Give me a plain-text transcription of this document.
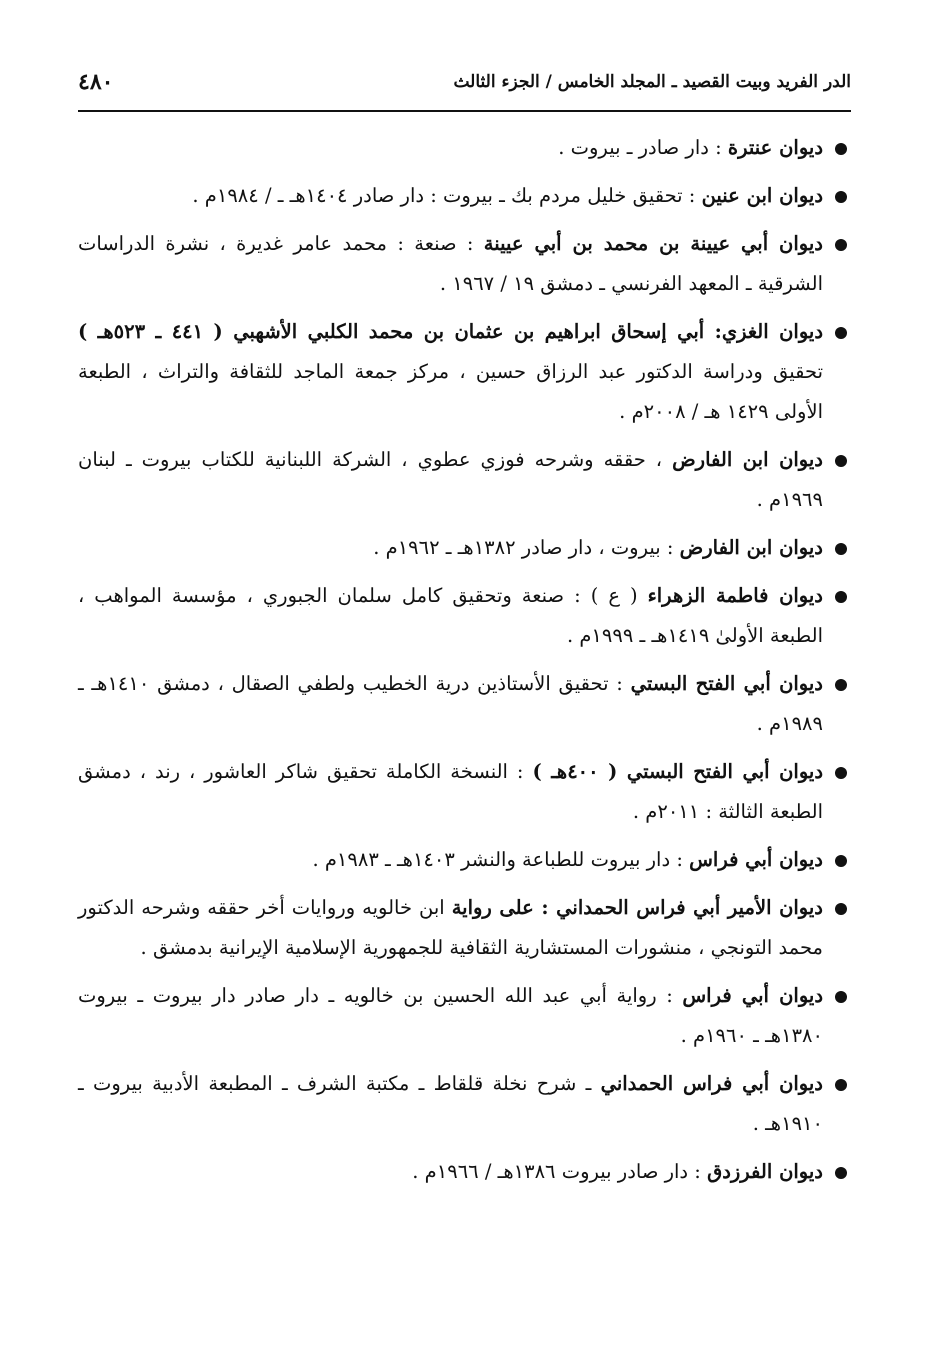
الدر الفريد وبيت القصيد ـ المجلد الخامس / الجزء الثالث
٤٨٠
ديوان عنترة : دار صادر ـ بيروت .
ديوان ابن عنين : تحقيق خليل مردم بك ـ بيروت : دار صادر ١٤٠٤هـ ـ / ١٩٨٤م .
ديوان أبي عيينة بن محمد بن أبي عيينة : صنعة : محمد عامر غديرة ، نشرة الدراسات الشرقية ـ المعهد الفرنسي ـ دمشق ١٩ / ١٩٦٧ .
ديوان الغزي: أبي إسحاق ابراهيم بن عثمان بن محمد الكلبي الأشهبي ( ٤٤١ ـ ٥٢٣هـ ) تحقيق ودراسة الدكتور عبد الرزاق حسين ، مركز جمعة الماجد للثقافة والتراث ، الطبعة الأولى ١٤٢٩ هـ / ٢٠٠٨م .
ديوان ابن الفارض ، حققه وشرحه فوزي عطوي ، الشركة اللبنانية للكتاب بيروت ـ لبنان ١٩٦٩م .
ديوان ابن الفارض : بيروت ، دار صادر ١٣٨٢هـ ـ ١٩٦٢م .
ديوان فاطمة الزهراء ( ع ) : صنعة وتحقيق كامل سلمان الجبوري ، مؤسسة المواهب ، الطبعة الأولىٰ ١٤١٩هـ ـ ١٩٩٩م .
ديوان أبي الفتح البستي : تحقيق الأستاذين درية الخطيب ولطفي الصقال ، دمشق ١٤١٠هـ ـ ١٩٨٩م .
ديوان أبي الفتح البستي ( ٤٠٠هـ ) : النسخة الكاملة تحقيق شاكر العاشور ، رند ، دمشق الطبعة الثالثة : ٢٠١١م .
ديوان أبي فراس : دار بيروت للطباعة والنشر ١٤٠٣هـ ـ ١٩٨٣م .
ديوان الأمير أبي فراس الحمداني : على رواية ابن خالويه وروايات أخر حققه وشرحه الدكتور محمد التونجي ، منشورات المستشارية الثقافية للجمهورية الإسلامية الإيرانية بدمشق .
ديوان أبي فراس : رواية أبي عبد الله الحسين بن خالويه ـ دار صادر دار بيروت ـ بيروت ١٣٨٠هـ ـ ١٩٦٠م .
ديوان أبي فراس الحمداني ـ شرح نخلة قلقاط ـ مكتبة الشرف ـ المطبعة الأدبية بيروت ـ ١٩١٠هـ .
ديوان الفرزدق : دار صادر بيروت ١٣٨٦هـ / ١٩٦٦م .
